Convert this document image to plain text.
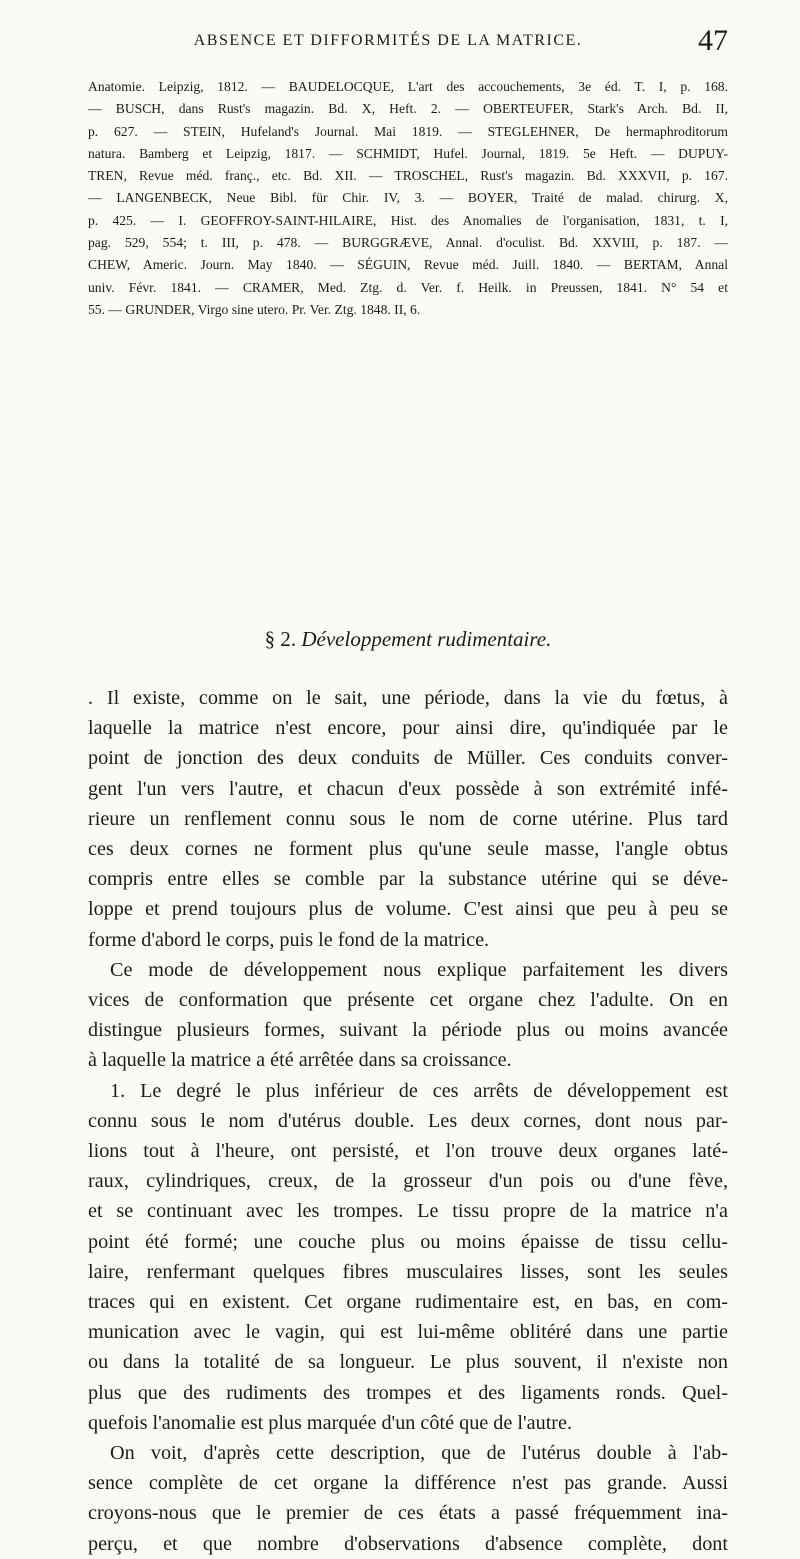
ABSENCE ET DIFFORMITÉS DE LA MATRICE.	47
Anatomie. Leipzig, 1812. — BAUDELOCQUE, L'art des accouchements, 3e éd. T. I, p. 168.
— BUSCH, dans Rust's magazin. Bd. X, Heft. 2. — OBERTEUFER, Stark's Arch. Bd. II,
p. 627. — STEIN, Hufeland's Journal. Mai 1819. — STEGLEHNER, De hermaphroditorum
natura. Bamberg et Leipzig, 1817. — SCHMIDT, Hufel. Journal, 1819. 5e Heft. — DUPUY-
TREN, Revue méd. franç., etc. Bd. XII. — TROSCHEL, Rust's magazin. Bd. XXXVII, p. 167.
— LANGENBECK, Neue Bibl. für Chir. IV, 3. — BOYER, Traité de malad. chirurg. X,
p. 425. — I. GEOFFROY-SAINT-HILAIRE, Hist. des Anomalies de l'organisation, 1831, t. I,
pag. 529, 554; t. III, p. 478. — BURGGRÆVE, Annal. d'oculist. Bd. XXVIII, p. 187. —
CHEW, Americ. Journ. May 1840. — SÉGUIN, Revue méd. Juill. 1840. — BERTAM, Annal
univ. Févr. 1841. — CRAMER, Med. Ztg. d. Ver. f. Heilk. in Preussen, 1841. N° 54 et
55. — GRUNDER, Virgo sine utero. Pr. Ver. Ztg. 1848. II, 6.
§ 2. Développement rudimentaire.
. Il existe, comme on le sait, une période, dans la vie du fœtus, à
laquelle la matrice n'est encore, pour ainsi dire, qu'indiquée par le
point de jonction des deux conduits de Müller. Ces conduits conver-
gent l'un vers l'autre, et chacun d'eux possède à son extrémité infé-
rieure un renflement connu sous le nom de corne utérine. Plus tard
ces deux cornes ne forment plus qu'une seule masse, l'angle obtus
compris entre elles se comble par la substance utérine qui se déve-
loppe et prend toujours plus de volume. C'est ainsi que peu à peu se
forme d'abord le corps, puis le fond de la matrice.
Ce mode de développement nous explique parfaitement les divers
vices de conformation que présente cet organe chez l'adulte. On en
distingue plusieurs formes, suivant la période plus ou moins avancée
à laquelle la matrice a été arrêtée dans sa croissance.
1. Le degré le plus inférieur de ces arrêts de développement est
connu sous le nom d'utérus double. Les deux cornes, dont nous par-
lions tout à l'heure, ont persisté, et l'on trouve deux organes laté-
raux, cylindriques, creux, de la grosseur d'un pois ou d'une fève,
et se continuant avec les trompes. Le tissu propre de la matrice n'a
point été formé; une couche plus ou moins épaisse de tissu cellu-
laire, renfermant quelques fibres musculaires lisses, sont les seules
traces qui en existent. Cet organe rudimentaire est, en bas, en com-
munication avec le vagin, qui est lui-même oblitéré dans une partie
ou dans la totalité de sa longueur. Le plus souvent, il n'existe non
plus que des rudiments des trompes et des ligaments ronds. Quel-
quefois l'anomalie est plus marquée d'un côté que de l'autre.
On voit, d'après cette description, que de l'utérus double à l'ab-
sence complète de cet organe la différence n'est pas grande. Aussi
croyons-nous que le premier de ces états a passé fréquemment ina-
perçu, et que nombre d'observations d'absence complète, dont
